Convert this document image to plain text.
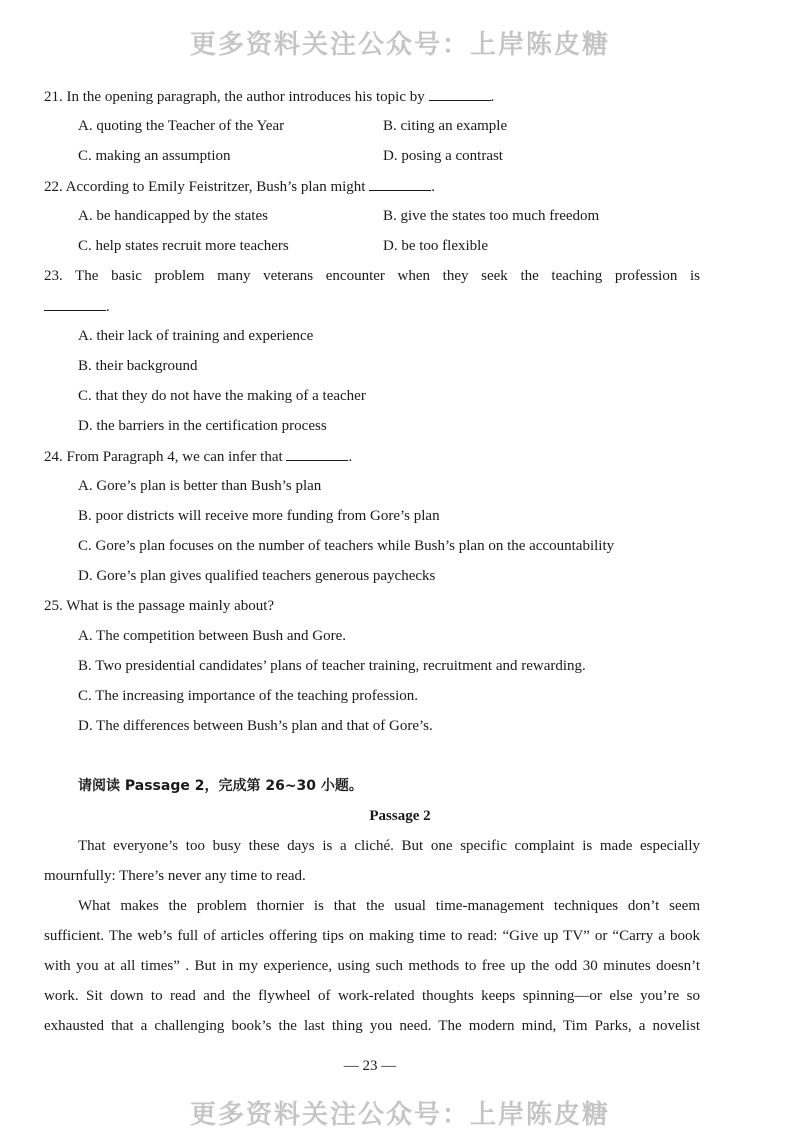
更多资料关注公众号：上岸陈皮糖
21. In the opening paragraph, the author introduces his topic by	.
A. quoting the Teacher of the Year	B. citing an example
C. making an assumption	D. posing a contrast
22. According to Emily Feistritzer, Bush’s plan might	.
A. be handicapped by the states	B. give the states too much freedom
C. help states recruit more teachers	D. be too flexible
23. The basic problem many veterans encounter when they seek the teaching profession is
.
A. their lack of training and experience
B. their background
C. that they do not have the making of a teacher
D. the barriers in the certification process
24. From Paragraph 4, we can infer that	.
A. Gore’s plan is better than Bush’s plan
B. poor districts will receive more funding from Gore’s plan
C. Gore’s plan focuses on the number of teachers while Bush’s plan on the accountability
D. Gore’s plan gives qualified teachers generous paychecks
25. What is the passage mainly about?
A. The competition between Bush and Gore.
B. Two presidential candidates’ plans of teacher training, recruitment and rewarding.
C. The increasing importance of the teaching profession.
D. The differences between Bush’s plan and that of Gore’s.
请阅读 Passage 2，完成第 26~30 小题。
Passage 2
That everyone’s too busy these days is a cliché. But one specific complaint is made especially
mournfully: There’s never any time to read.
What makes the problem thornier is that the usual time-management techniques don’t seem
sufficient. The web’s full of articles offering tips on making time to read: “Give up TV” or “Carry a book
with you at all times” . But in my experience, using such methods to free up the odd 30 minutes doesn’t
work. Sit down to read and the flywheel of work-related thoughts keeps spinning—or else you’re so
exhausted that a challenging book’s the last thing you need. The modern mind, Tim Parks, a novelist
— 23 —
更多资料关注公众号：上岸陈皮糖
